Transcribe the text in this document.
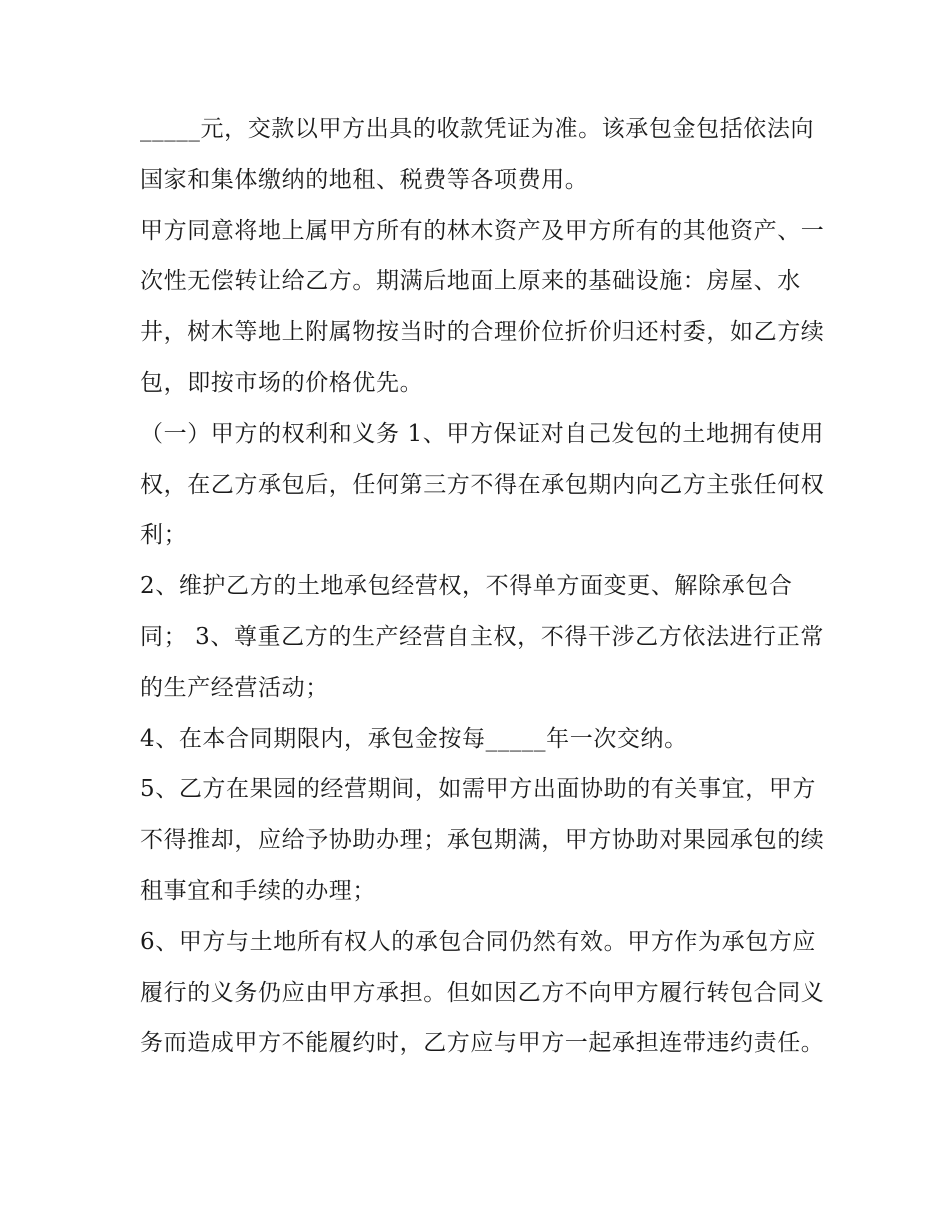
_____元，交款以甲方出具的收款凭证为准。该承包金包括依法向国家和集体缴纳的地租、税费等各项费用。

甲方同意将地上属甲方所有的林木资产及甲方所有的其他资产、一次性无偿转让给乙方。期满后地面上原来的基础设施：房屋、水井，树木等地上附属物按当时的合理价位折价归还村委，如乙方续包，即按市场的价格优先。

（一）甲方的权利和义务 1、甲方保证对自己发包的土地拥有使用权，在乙方承包后，任何第三方不得在承包期内向乙方主张任何权利；

2、维护乙方的土地承包经营权，不得单方面变更、解除承包合同； 3、尊重乙方的生产经营自主权，不得干涉乙方依法进行正常的生产经营活动；

4、在本合同期限内，承包金按每_____年一次交纳。

5、乙方在果园的经营期间，如需甲方出面协助的有关事宜，甲方不得推却，应给予协助办理；承包期满，甲方协助对果园承包的续租事宜和手续的办理；

6、甲方与土地所有权人的承包合同仍然有效。甲方作为承包方应履行的义务仍应由甲方承担。但如因乙方不向甲方履行转包合同义务而造成甲方不能履约时，乙方应与甲方一起承担连带违约责任。
